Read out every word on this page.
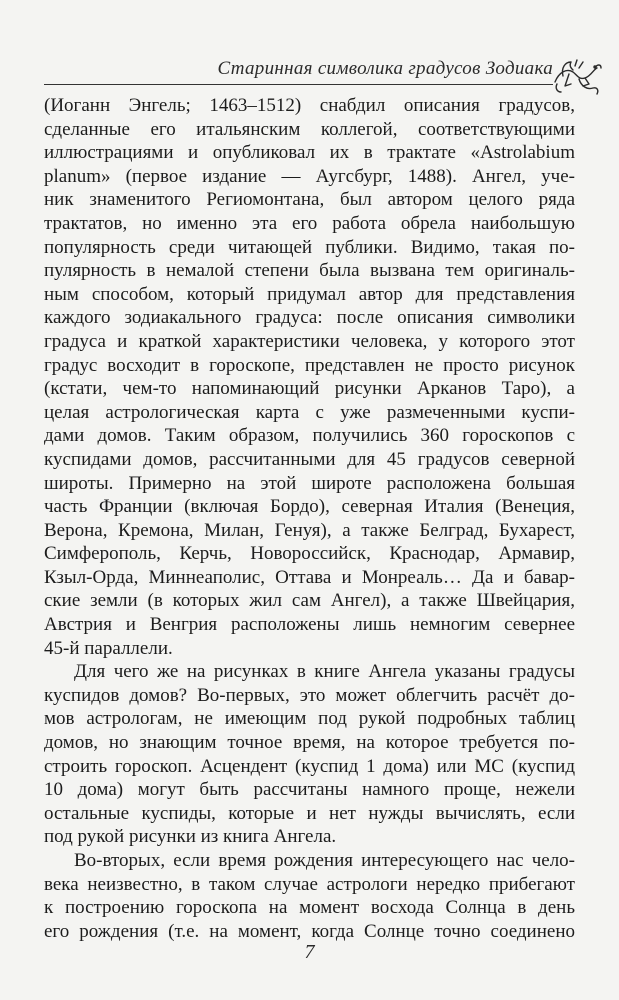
Старинная символика градусов Зодиака
(Иоганн Энгель; 1463–1512) снабдил описания градусов,
сделанные его итальянским коллегой, соответствующими
иллюстрациями и опубликовал их в трактате «Astrolabium
planum» (первое издание — Аугсбург, 1488). Ангел, уче-
ник знаменитого Региомонтана, был автором целого ряда
трактатов, но именно эта его работа обрела наибольшую
популярность среди читающей публики. Видимо, такая по-
пулярность в немалой степени была вызвана тем оригиналь-
ным способом, который придумал автор для представления
каждого зодиакального градуса: после описания символики
градуса и краткой характеристики человека, у которого этот
градус восходит в гороскопе, представлен не просто рисунок
(кстати, чем-то напоминающий рисунки Арканов Таро), а
целая астрологическая карта с уже размеченными куспи-
дами домов. Таким образом, получились 360 гороскопов с
куспидами домов, рассчитанными для 45 градусов северной
широты. Примерно на этой широте расположена большая
часть Франции (включая Бордо), северная Италия (Венеция,
Верона, Кремона, Милан, Генуя), а также Белград, Бухарест,
Симферополь, Керчь, Новороссийск, Краснодар, Армавир,
Кзыл-Орда, Миннеаполис, Оттава и Монреаль… Да и бавар-
ские земли (в которых жил сам Ангел), а также Швейцария,
Австрия и Венгрия расположены лишь немногим севернее
45-й параллели.
Для чего же на рисунках в книге Ангела указаны градусы
куспидов домов? Во-первых, это может облегчить расчёт до-
мов астрологам, не имеющим под рукой подробных таблиц
домов, но знающим точное время, на которое требуется по-
строить гороскоп. Асцендент (куспид 1 дома) или МС (куспид
10 дома) могут быть рассчитаны намного проще, нежели
остальные куспиды, которые и нет нужды вычислять, если
под рукой рисунки из книга Ангела.
Во-вторых, если время рождения интересующего нас чело-
века неизвестно, в таком случае астрологи нередко прибегают
к построению гороскопа на момент восхода Солнца в день
его рождения (т.е. на момент, когда Солнце точно соединено
7
